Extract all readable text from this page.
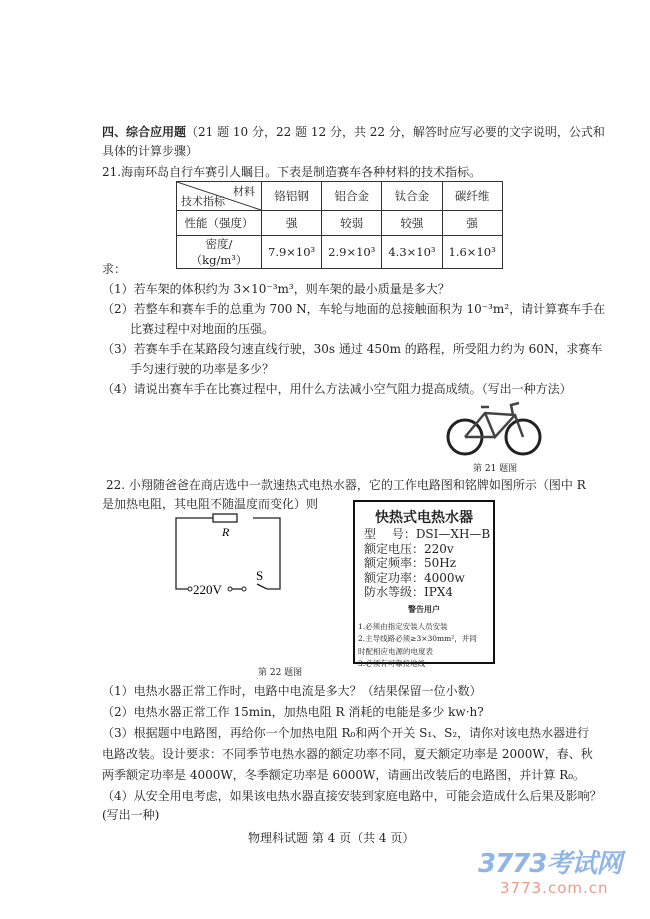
四、综合应用题（21 题 10 分，22 题 12 分，共 22 分，解答时应写必要的文字说明，公式和
具体的计算步骤）
21.海南环岛自行车赛引人瞩目。下表是制造赛车各种材料的技术指标。
材料
技术指标	铬铝钢	铝合金	钛合金	碳纤维
性能（强度）	强	较弱	较强	强
密度/（kg/m³）	7.9×10³	2.9×10³	4.3×10³	1.6×10³
求：
（1）若车架的体积约为 3×10⁻³m³，则车架的最小质量是多大？
（2）若整车和赛车手的总重为 700 N，车轮与地面的总接触面积为 10⁻³m²，请计算赛车手在
比赛过程中对地面的压强。
（3）若赛车手在某路段匀速直线行驶，30s 通过 450m 的路程，所受阻力约为 60N，求赛车
手匀速行驶的功率是多少？
（4）请说出赛车手在比赛过程中，用什么方法减小空气阻力提高成绩。（写出一种方法）
第 21 题图
22. 小翔随爸爸在商店选中一款速热式电热水器，它的工作电路图和铭牌如图所示（图中 R
是加热电阻，其电阻不随温度而变化）则
R
220V
S
快热式电热水器
型　 号：DSI—XH—B
额定电压：220v
额定频率：50Hz
额定功率：4000w
防水等级：IPX4
警告用户
1.必须由指定安装人员安装
2.主导线路必须≥3×30mm²，并同
时配相应电源的电度表
3.必须有可靠接地线
第 22 题图
（1）电热水器正常工作时，电路中电流是多大？（结果保留一位小数）
（2）电热水器正常工作 15min，加热电阻 R 消耗的电能是多少 kw·h?
（3）根据题中电路图，再给你一个加热电阻 R₀和两个开关 S₁、S₂，请你对该电热水器进行
电路改装。设计要求：不同季节电热水器的额定功率不同，夏天额定功率是 2000W，春、秋
两季额定功率是 4000W，冬季额定功率是 6000W，请画出改装后的电路图，并计算 R₀。
（4）从安全用电考虑，如果该电热水器直接安装到家庭电路中，可能会造成什么后果及影响？
(写出一种)
物理科试题 第 4 页（共 4 页）
3773考试网
3773.com.cn
